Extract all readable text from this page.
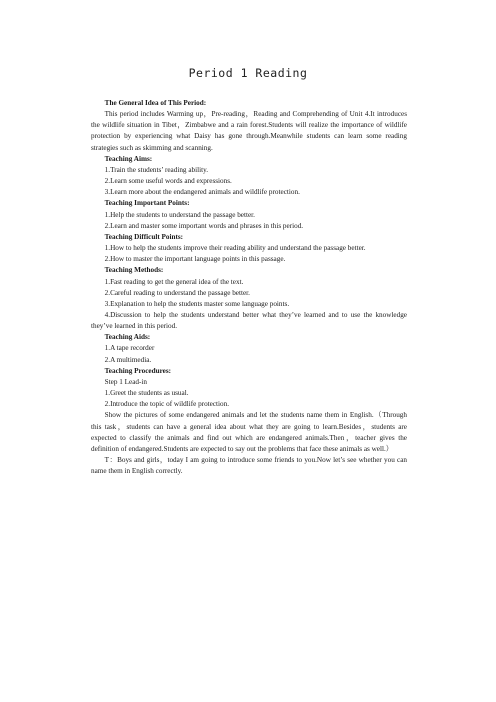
Period 1 Reading

The General Idea of This Period:

This period includes Warming up，Pre-reading，Reading and Comprehending of Unit 4.It introduces the wildlife situation in Tibet，Zimbabwe and a rain forest.Students will realize the importance of wildlife protection by experiencing what Daisy has gone through.Meanwhile students can learn some reading strategies such as skimming and scanning.

Teaching Aims:

1.Train the students’ reading ability.

2.Learn some useful words and expressions.

3.Learn more about the endangered animals and wildlife protection.

Teaching Important Points:

1.Help the students to understand the passage better.

2.Learn and master some important words and phrases in this period.

Teaching Difficult Points:

1.How to help the students improve their reading ability and understand the passage better.

2.How to master the important language points in this passage.

Teaching Methods:

1.Fast reading to get the general idea of the text.

2.Careful reading to understand the passage better.

3.Explanation to help the students master some language points.

4.Discussion to help the students understand better what they’ve learned and to use the knowledge they’ve learned in this period.

Teaching Aids:

1.A tape recorder

2.A multimedia.

Teaching Procedures:

Step 1 Lead-in

1.Greet the students as usual.

2.Introduce the topic of wildlife protection.

Show the pictures of some endangered animals and let the students name them in English.（Through this task，students can have a general idea about what they are going to learn.Besides，students are expected to classify the animals and find out which are endangered animals.Then，teacher gives the definition of endangered.Students are expected to say out the problems that face these animals as well.）

T：Boys and girls，today I am going to introduce some friends to you.Now let’s see whether you can name them in English correctly.
